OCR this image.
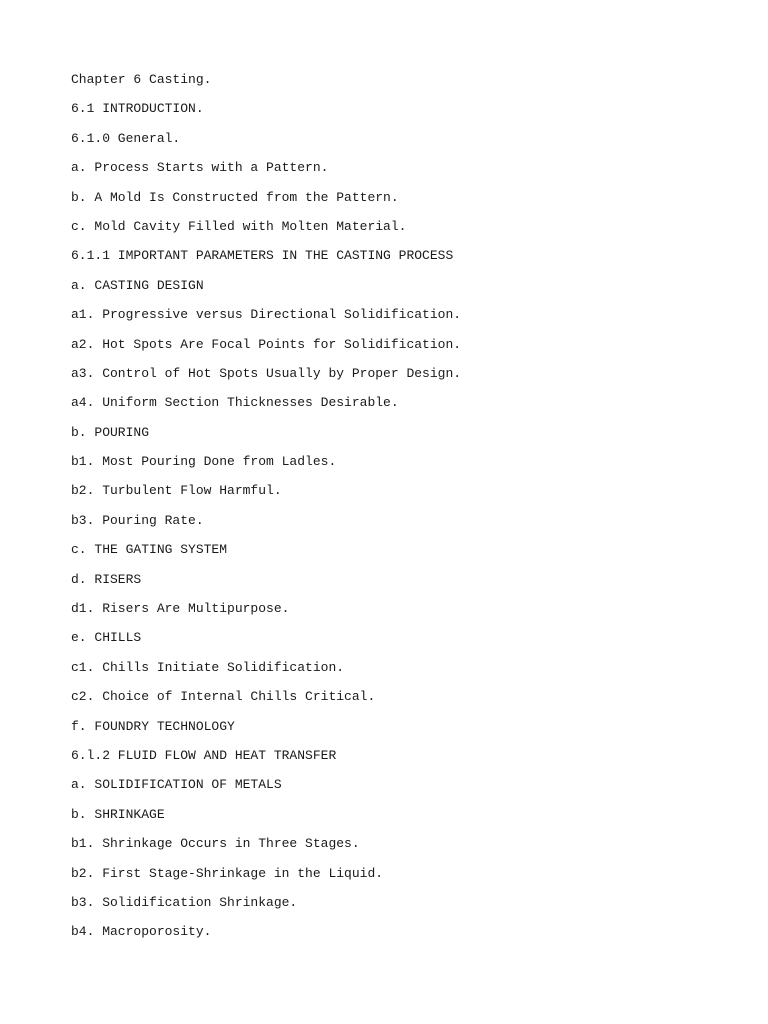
Chapter 6 Casting.
6.1 INTRODUCTION.
6.1.0 General.
a. Process Starts with a Pattern.
b. A Mold Is Constructed from the Pattern.
c. Mold Cavity Filled with Molten Material.
6.1.1 IMPORTANT PARAMETERS IN THE CASTING PROCESS
a. CASTING DESIGN
a1. Progressive versus Directional Solidification.
a2. Hot Spots Are Focal Points for Solidification.
a3. Control of Hot Spots Usually by Proper Design.
a4. Uniform Section Thicknesses Desirable.
b. POURING
b1. Most Pouring Done from Ladles.
b2. Turbulent Flow Harmful.
b3. Pouring Rate.
c. THE GATING SYSTEM
d. RISERS
d1. Risers Are Multipurpose.
e. CHILLS
c1. Chills Initiate Solidification.
c2. Choice of Internal Chills Critical.
f. FOUNDRY TECHNOLOGY
6.l.2 FLUID FLOW AND HEAT TRANSFER
a. SOLIDIFICATION OF METALS
b. SHRINKAGE
b1. Shrinkage Occurs in Three Stages.
b2. First Stage-Shrinkage in the Liquid.
b3. Solidification Shrinkage.
b4. Macroporosity.
